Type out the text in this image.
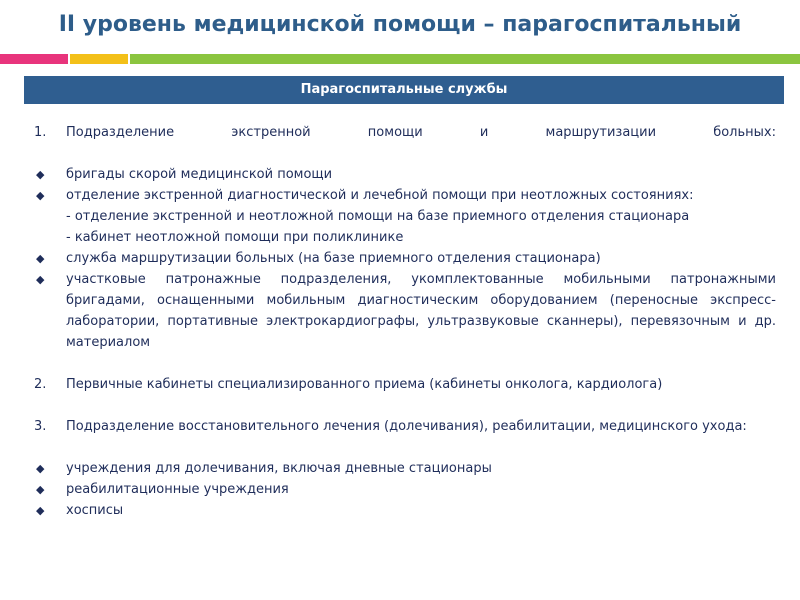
II уровень медицинской помощи – парагоспитальный
Парагоспитальные службы
1. Подразделение экстренной помощи и маршрутизации больных:
◆ бригады скорой медицинской помощи
◆ отделение экстренной диагностической и лечебной помощи при неотложных состояниях:
- отделение экстренной и неотложной помощи на базе приемного отделения стационара
- кабинет неотложной помощи при поликлинике
◆ служба маршрутизации больных (на базе приемного отделения стационара)
◆ участковые патронажные подразделения, укомплектованные мобильными патронажными бригадами, оснащенными мобильным диагностическим оборудованием (переносные экспресс-лаборатории, портативные электрокардиографы, ультразвуковые сканнеры), перевязочным и др. материалом
2. Первичные кабинеты специализированного приема (кабинеты онколога, кардиолога)
3. Подразделение восстановительного лечения (долечивания), реабилитации, медицинского ухода:
◆ учреждения для долечивания, включая дневные стационары
◆ реабилитационные учреждения
◆ хосписы
